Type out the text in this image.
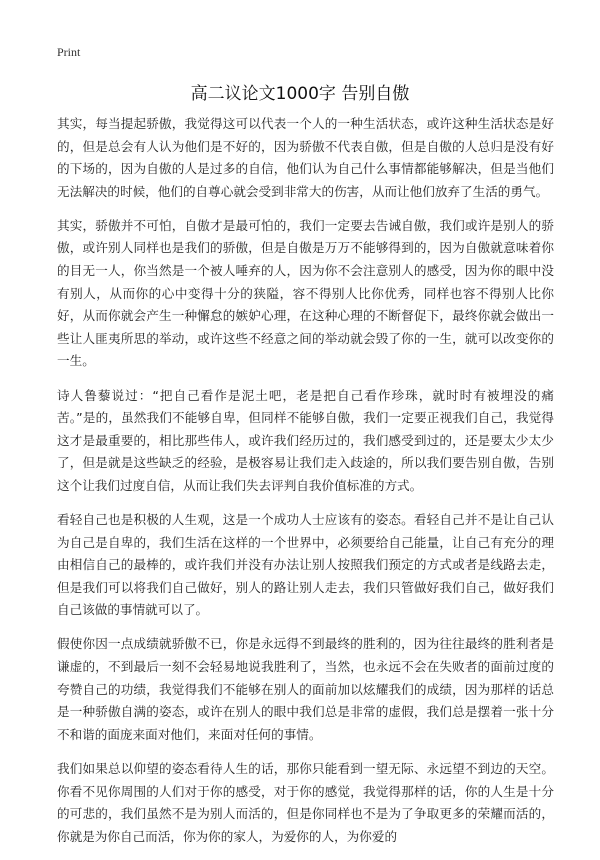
Print
高二议论文1000字 告别自傲

其实，每当提起骄傲，我觉得这可以代表一个人的一种生活状态，或许这种生活状态是好的，但是总会有人认为他们是不好的，因为骄傲不代表自傲，但是自傲的人总归是没有好的下场的，因为自傲的人是过多的自信，他们认为自己什么事情都能够解决，但是当他们无法解决的时候，他们的自尊心就会受到非常大的伤害，从而让他们放弃了生活的勇气。

其实，骄傲并不可怕，自傲才是最可怕的，我们一定要去告诫自傲，我们或许是别人的骄傲，或许别人同样也是我们的骄傲，但是自傲是万万不能够得到的，因为自傲就意味着你的目无一人，你当然是一个被人唾弃的人，因为你不会注意别人的感受，因为你的眼中没有别人，从而你的心中变得十分的狭隘，容不得别人比你优秀，同样也容不得别人比你好，从而你就会产生一种懈怠的嫉妒心理，在这种心理的不断督促下，最终你就会做出一些让人匪夷所思的举动，或许这些不经意之间的举动就会毁了你的一生，就可以改变你的一生。

诗人鲁藜说过：“把自己看作是泥土吧，老是把自己看作珍珠，就时时有被埋没的痛苦。”是的，虽然我们不能够自卑，但同样不能够自傲，我们一定要正视我们自己，我觉得这才是最重要的，相比那些伟人，或许我们经历过的，我们感受到过的，还是要太少太少了，但是就是这些缺乏的经验，是极容易让我们走入歧途的，所以我们要告别自傲，告别这个让我们过度自信，从而让我们失去评判自我价值标准的方式。

看轻自己也是积极的人生观，这是一个成功人士应该有的姿态。看轻自己并不是让自己认为自己是自卑的，我们生活在这样的一个世界中，必须要给自己能量，让自己有充分的理由相信自己的最棒的，或许我们并没有办法让别人按照我们预定的方式或者是线路去走，但是我们可以将我们自己做好，别人的路让别人走去，我们只管做好我们自己，做好我们自己该做的事情就可以了。

假使你因一点成绩就骄傲不已，你是永远得不到最终的胜利的，因为往往最终的胜利者是谦虚的，不到最后一刻不会轻易地说我胜利了，当然，也永远不会在失败者的面前过度的夸赞自己的功绩，我觉得我们不能够在别人的面前加以炫耀我们的成绩，因为那样的话总是一种骄傲自满的姿态，或许在别人的眼中我们总是非常的虚假，我们总是摆着一张十分不和谐的面庞来面对他们，来面对任何的事情。

我们如果总以仰望的姿态看待人生的话，那你只能看到一望无际、永远望不到边的天空。你看不见你周围的人们对于你的感受，对于你的感觉，我觉得那样的话，你的人生是十分的可悲的，我们虽然不是为别人而活的，但是你同样也不是为了争取更多的荣耀而活的，你就是为你自己而活，你为你的家人，为爱你的人，为你爱的
